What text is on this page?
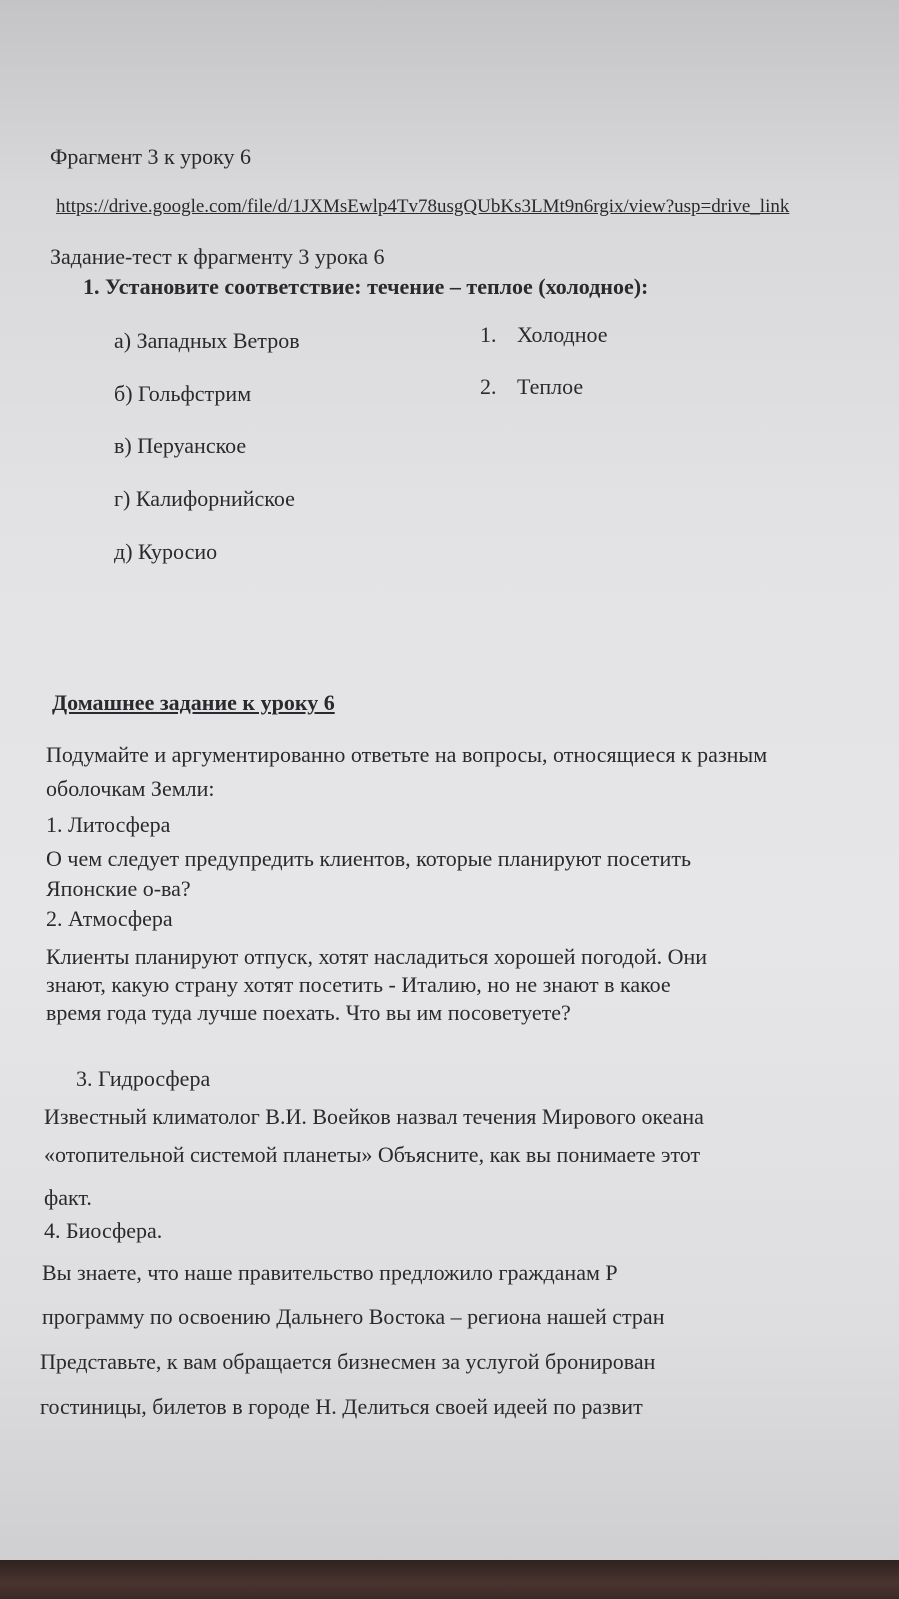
Фрагмент 3 к уроку 6
https://drive.google.com/file/d/1JXMsEwlp4Tv78usgQUbKs3LMt9n6rgix/view?usp=drive_link
Задание-тест к фрагменту 3 урока 6
1. Установите соответствие: течение – теплое (холодное):
а) Западных Ветров
б) Гольфстрим
в) Перуанское
г) Калифорнийское
д) Куросио
1. Холодное
2. Теплое
Домашнее задание к уроку 6
Подумайте и аргументированно ответьте на вопросы, относящиеся к разным
оболочкам Земли:
1. Литосфера
О чем следует предупредить клиентов, которые планируют посетить
Японские о-ва?
2. Атмосфера
Клиенты планируют отпуск, хотят насладиться хорошей погодой. Они
знают, какую страну хотят посетить - Италию, но не знают в какое
время года туда лучше поехать. Что вы им посоветуете?
3. Гидросфера
Известный климатолог В.И. Воейков назвал течения Мирового океана
«отопительной системой планеты» Объясните, как вы понимаете этот
факт.
4. Биосфера.
Вы знаете, что наше правительство предложило гражданам Р
программу по освоению Дальнего Востока – региона нашей стран
Представьте, к вам обращается бизнесмен за услугой бронирован
гостиницы, билетов в городе Н. Делиться своей идеей по развит
